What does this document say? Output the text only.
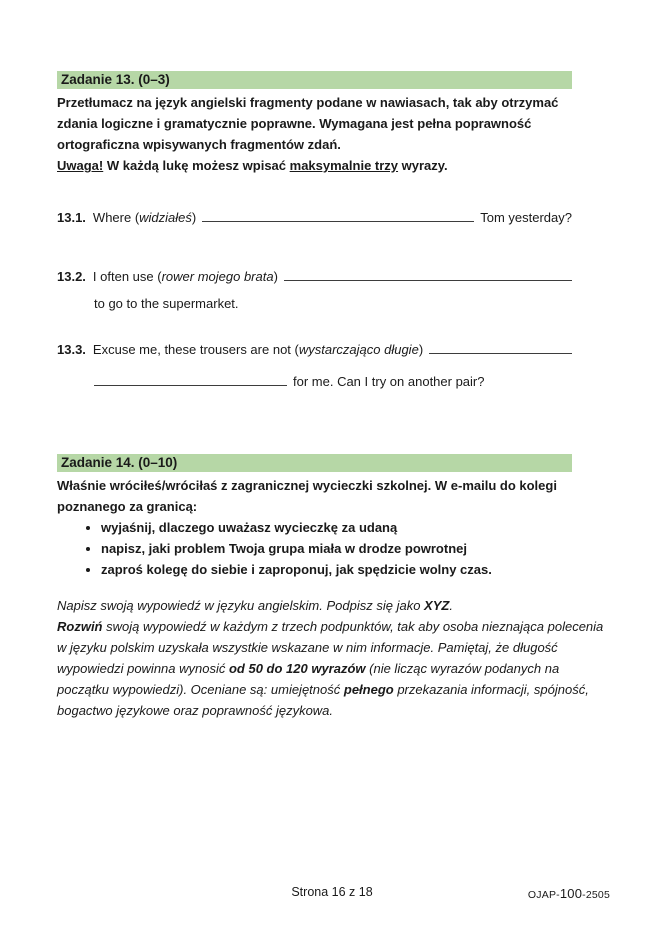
Zadanie 13. (0–3)

Przetłumacz na język angielski fragmenty podane w nawiasach, tak aby otrzymać zdania logiczne i gramatycznie poprawne. Wymagana jest pełna poprawność ortograficzna wpisywanych fragmentów zdań.

Uwaga! W każdą lukę możesz wpisać maksymalnie trzy wyrazy.

13.1. Where (widziałeś)	Tom yesterday?
13.2. I often use (rower mojego brata)
to go to the supermarket.
13.3. Excuse me, these trousers are not (wystarczająco długie)
for me. Can I try on another pair?
Zadanie 14. (0–10)

Właśnie wróciłeś/wróciłaś z zagranicznej wycieczki szkolnej. W e-mailu do kolegi poznanego za granicą:

• wyjaśnij, dlaczego uważasz wycieczkę za udaną
• napisz, jaki problem Twoja grupa miała w drodze powrotnej
• zaproś kolegę do siebie i zaproponuj, jak spędzicie wolny czas.

Napisz swoją wypowiedź w języku angielskim. Podpisz się jako XYZ.
Rozwiń swoją wypowiedź w każdym z trzech podpunktów, tak aby osoba nieznająca polecenia w języku polskim uzyskała wszystkie wskazane w nim informacje. Pamiętaj, że długość wypowiedzi powinna wynosić od 50 do 120 wyrazów (nie licząc wyrazów podanych na początku wypowiedzi). Oceniane są: umiejętność pełnego przekazania informacji, spójność, bogactwo językowe oraz poprawność językowa.

Strona 16 z 18	OJAP-100-2505
